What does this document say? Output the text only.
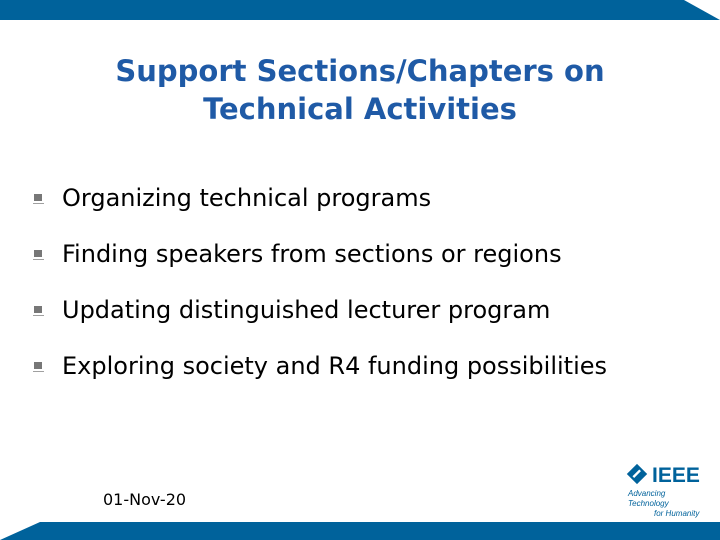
Support Sections/Chapters on
Technical Activities
Organizing technical programs
Finding speakers from sections or regions
Updating distinguished lecturer program
Exploring society and R4 funding possibilities
01-Nov-20
IEEE
Advancing Technology
for Humanity
